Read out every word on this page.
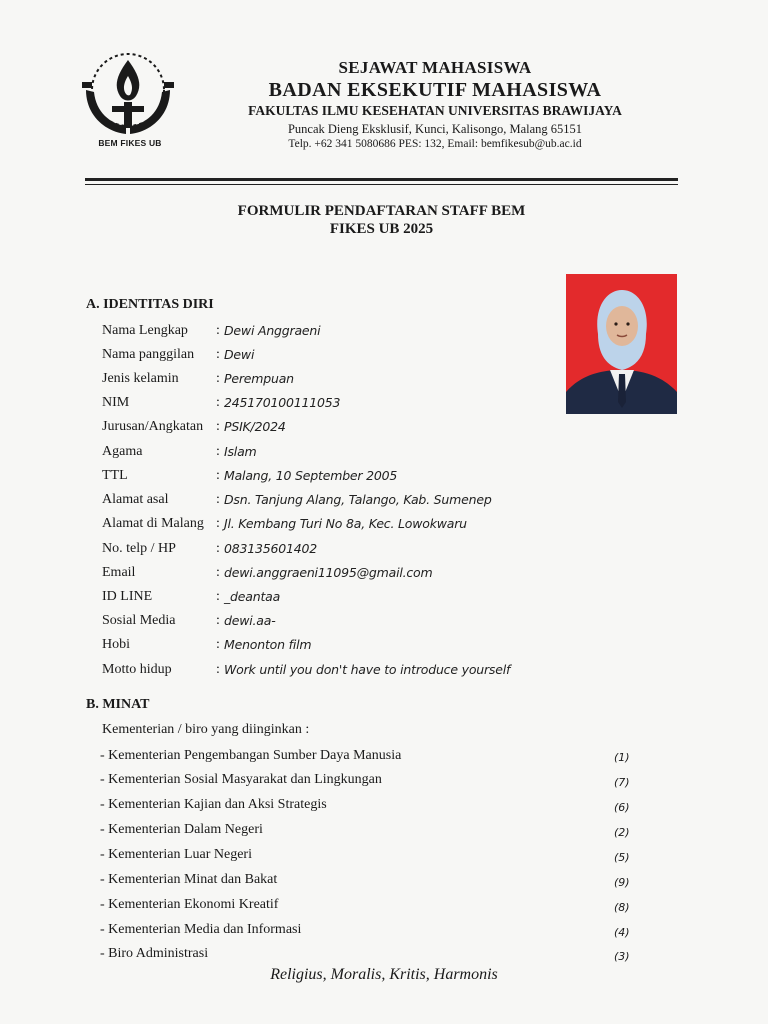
BEM FIKES UB
SEJAWAT MAHASISWA
BADAN EKSEKUTIF MAHASISWA
FAKULTAS ILMU KESEHATAN UNIVERSITAS BRAWIJAYA
Puncak Dieng Eksklusif, Kunci, Kalisongo, Malang 65151
Telp. +62 341 5080686 PES: 132, Email: bemfikesub@ub.ac.id
FORMULIR PENDAFTARAN STAFF BEM
FIKES UB 2025
A. IDENTITAS DIRI
Nama Lengkap : Dewi Anggraeni
Nama panggilan : Dewi
Jenis kelamin	: Perempuan
NIM	: 245170100111053
Jurusan/Angkatan : PSIK/2024
Agama	: Islam
TTL	: Malang, 10 September 2005
Alamat asal	: Dsn. Tanjung Alang, Talango, Kab. Sumenep
Alamat di Malang : Jl. Kembang Turi No 8a, Kec. Lowokwaru
No. telp / HP	: 083135601402
Email	: dewi.anggraeni11095@gmail.com
ID LINE	: _deantaa
Sosial Media	: dewi.aa-
Hobi	: Menonton film
Motto hidup	: Work until you don't have to introduce yourself
B. MINAT
Kementerian / biro yang diinginkan :
- Kementerian Pengembangan Sumber Daya Manusia	(1)
- Kementerian Sosial Masyarakat dan Lingkungan	(7)
- Kementerian Kajian dan Aksi Strategis	(6)
- Kementerian Dalam Negeri	(2)
- Kementerian Luar Negeri	(5)
- Kementerian Minat dan Bakat	(9)
- Kementerian Ekonomi Kreatif	(8)
- Kementerian Media dan Informasi	(4)
- Biro Administrasi	(3)
Religius, Moralis, Kritis, Harmonis
